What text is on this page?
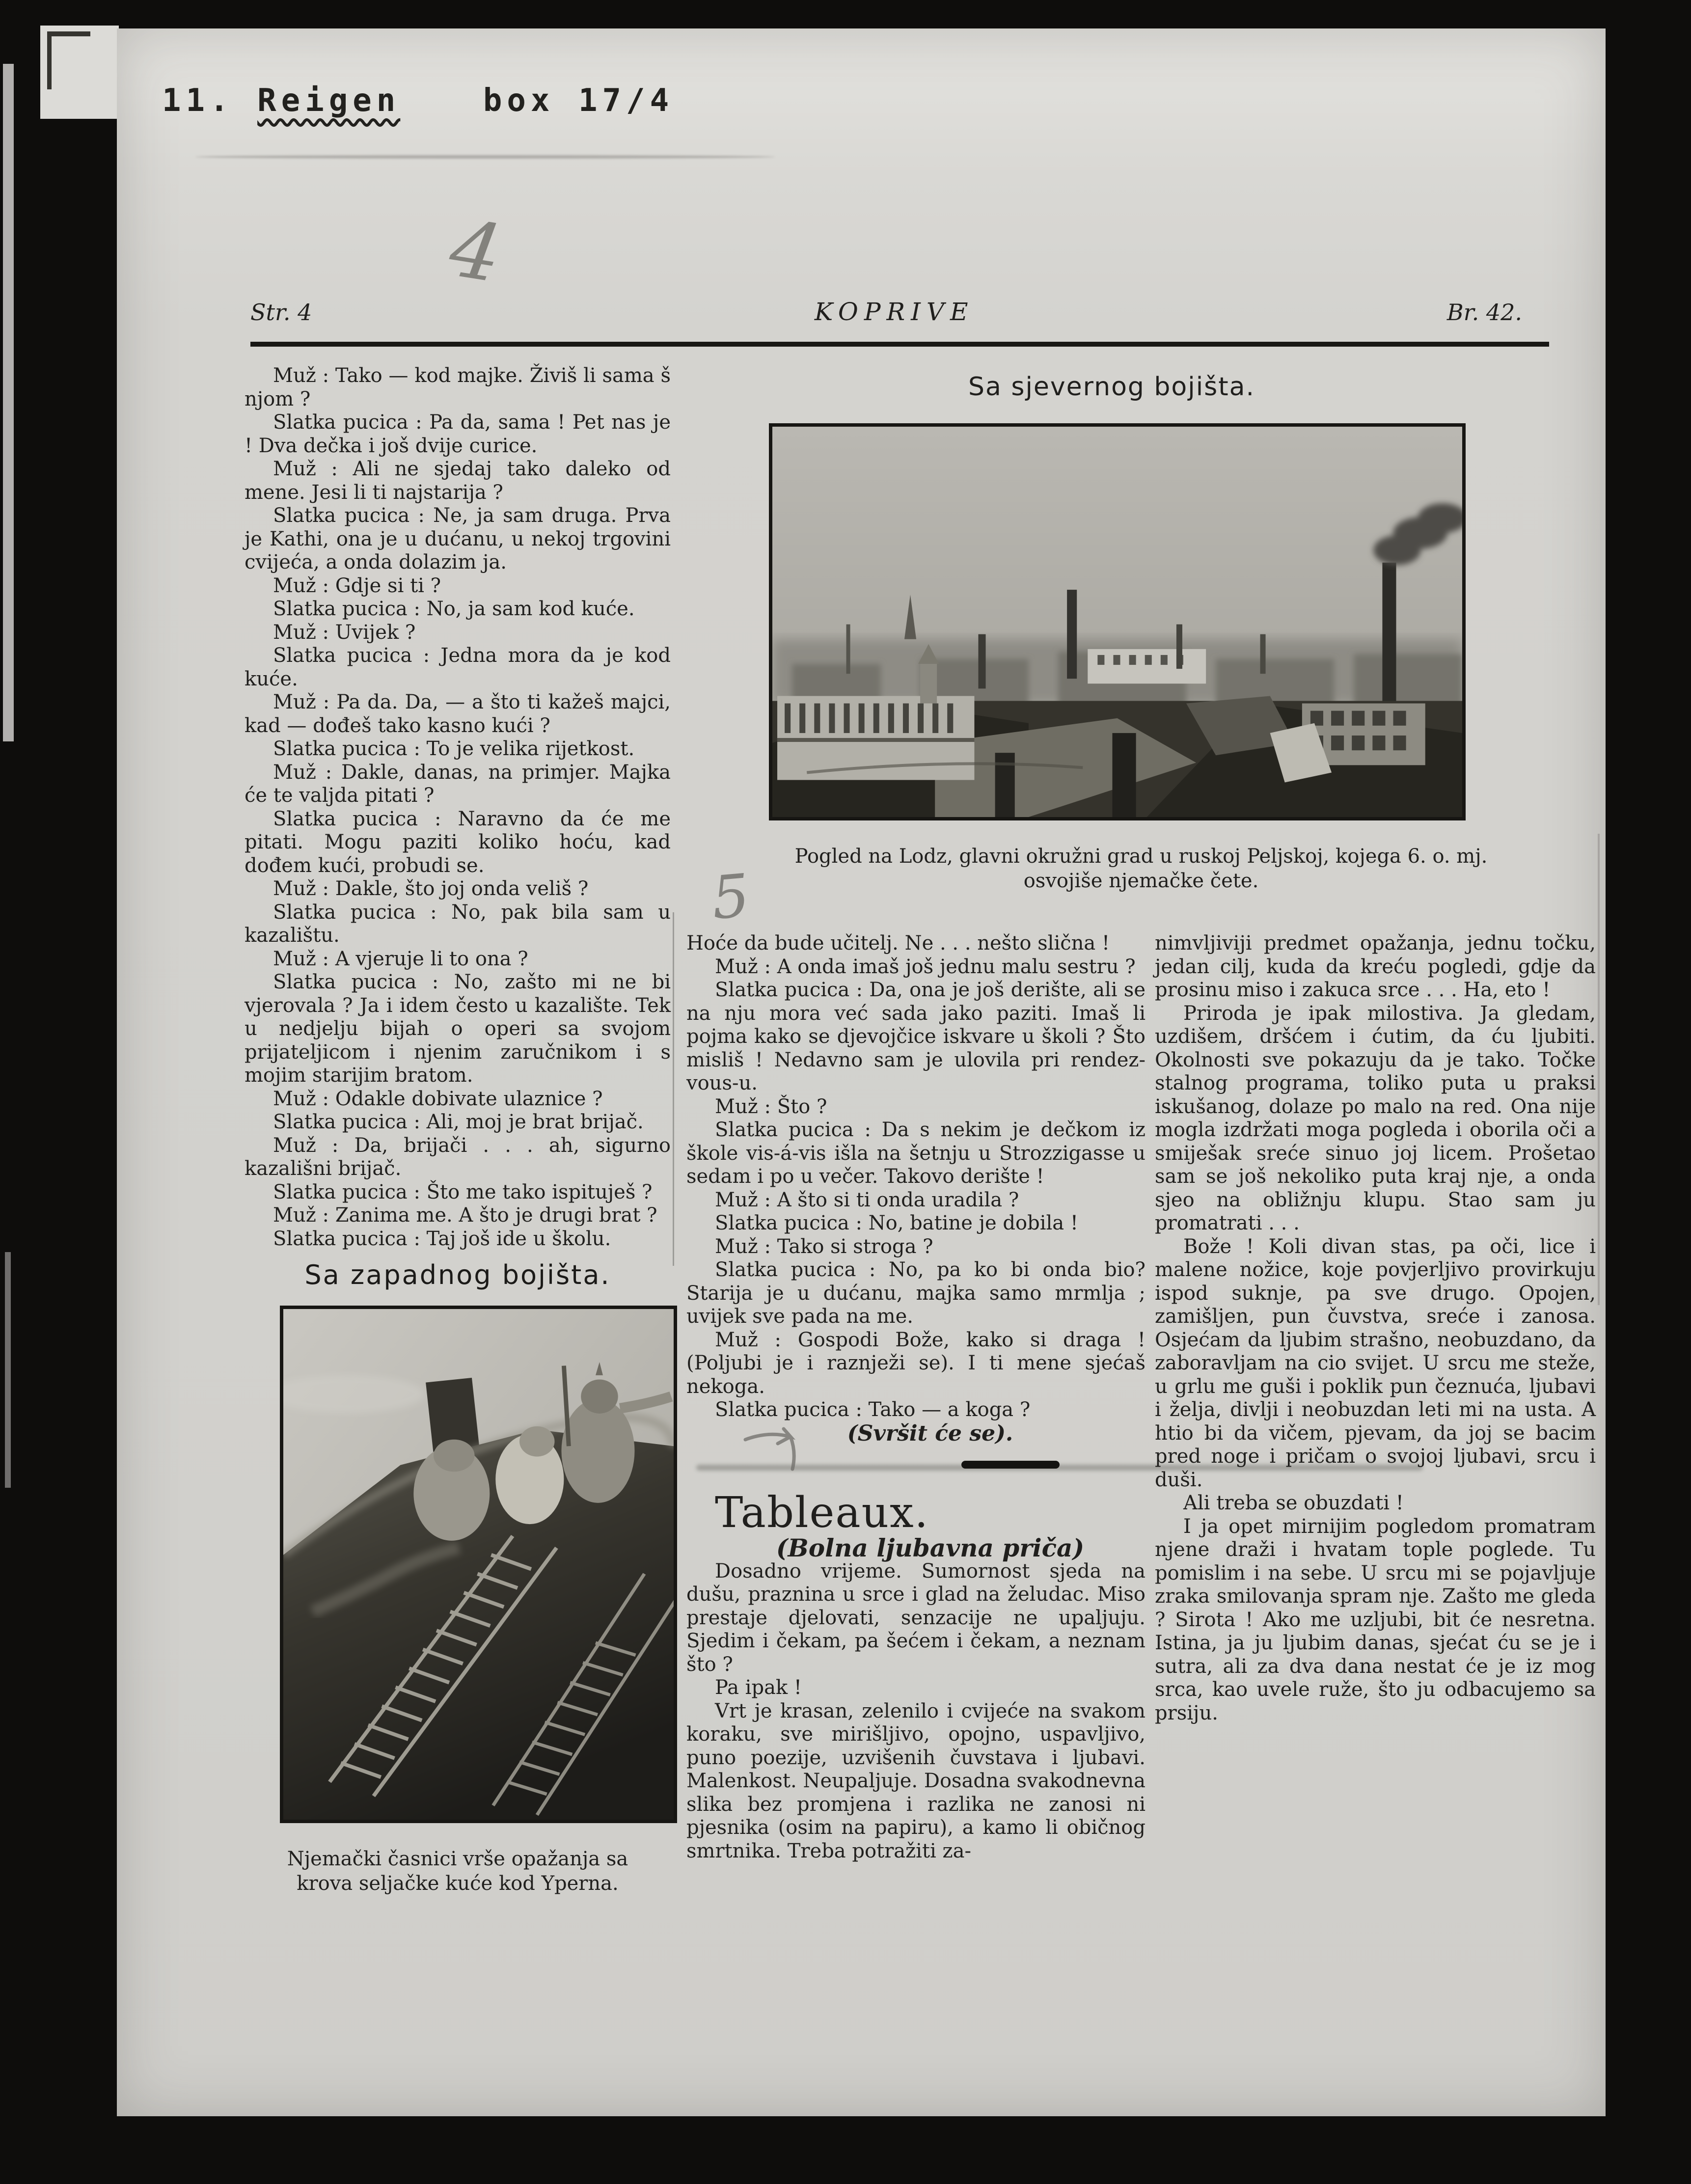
11. Reigen	box 17/4
4
5
Str. 4	KOPRIVE	Br. 42.

Muž : Tako — kod majke. Živiš li sama š njom ?

Slatka pucica : Pa da, sama ! Pet nas je ! Dva dečka i još dvije curice.

Muž : Ali ne sjedaj tako daleko od mene. Jesi li ti najstarija ?

Slatka pucica : Ne, ja sam druga. Prva je Kathi, ona je u dućanu, u nekoj trgovini cvijeća, a onda dolazim ja.

Muž : Gdje si ti ?

Slatka pucica : No, ja sam kod kuće.

Muž : Uvijek ?

Slatka pucica : Jedna mora da je kod kuće.

Muž : Pa da. Da, — a što ti kažeš majci, kad — dođeš tako kasno kući ?

Slatka pucica : To je velika rijetkost.

Muž : Dakle, danas, na primjer. Majka će te valjda pitati ?

Slatka pucica : Naravno da će me pitati. Mogu paziti koliko hoću, kad dođem kući, probudi se.

Muž : Dakle, što joj onda veliš ?

Slatka pucica : No, pak bila sam u kazalištu.

Muž : A vjeruje li to ona ?

Slatka pucica : No, zašto mi ne bi vjerovala ? Ja i idem često u kazalište. Tek u nedjelju bijah o operi sa svojom prijateljicom i njenim zaručnikom i s mojim starijim bratom.

Muž : Odakle dobivate ulaznice ?

Slatka pucica : Ali, moj je brat brijač.

Muž : Da, brijači . . . ah, sigurno kazališni brijač.

Slatka pucica : Što me tako ispituješ ?

Muž : Zanima me. A što je drugi brat ?

Slatka pucica : Taj još ide u školu.

Sa zapadnog bojišta.
Njemački časnici vrše opažanja sa
krova seljačke kuće kod Yperna.
Sa sjevernog bojišta.
Pogled na Lodz, glavni okružni grad u ruskoj Peljskoj, kojega 6. o. mj.
osvojiše njemačke čete.

Hoće da bude učitelj. Ne . . . nešto slična !

Muž : A onda imaš još jednu malu sestru ?

Slatka pucica : Da, ona je još derište, ali se na nju mora već sada jako paziti. Imaš li pojma kako se djevojčice iskvare u školi ? Što misliš ! Nedavno sam je ulovila pri rendez-vous-u.

Muž : Što ?

Slatka pucica : Da s nekim je dečkom iz škole vis-á-vis išla na šetnju u Strozzigasse u sedam i po u večer. Takovo derište !

Muž : A što si ti onda uradila ?

Slatka pucica : No, batine je dobila !

Muž : Tako si stroga ?

Slatka pucica : No, pa ko bi onda bio? Starija je u dućanu, majka samo mrmlja ; uvijek sve pada na me.

Muž : Gospodi Bože, kako si draga ! (Poljubi je i raznježi se). I ti mene sjećaš nekoga.

Slatka pucica : Tako — a koga ?

(Svršit će se).

Tableaux.

(Bolna ljubavna priča)

Dosadno vrijeme. Sumornost sjeda na dušu, praznina u srce i glad na želudac. Miso prestaje djelovati, senzacije ne upaljuju. Sjedim i čekam, pa šećem i čekam, a neznam što ?

Pa ipak !

Vrt je krasan, zelenilo i cvijeće na svakom koraku, sve mirišljivo, opojno, uspavljivo, puno poezije, uzvišenih čuvstava i ljubavi. Malenkost. Neupaljuje. Dosadna svakodnevna slika bez promjena i razlika ne zanosi ni pjesnika (osim na papiru), a kamo li običnog smrtnika. Treba potražiti za-

nimvljiviji predmet opažanja, jednu točku, jedan cilj, kuda da kreću pogledi, gdje da prosinu miso i zakuca srce . . . Ha, eto !

Priroda je ipak milostiva. Ja gledam, uzdišem, dršćem i ćutim, da ću ljubiti. Okolnosti sve pokazuju da je tako. Točke stalnog programa, toliko puta u praksi iskušanog, dolaze po malo na red. Ona nije mogla izdržati moga pogleda i oborila oči a smiješak sreće sinuo joj licem. Prošetao sam se još nekoliko puta kraj nje, a onda sjeo na obližnju klupu. Stao sam ju promatrati . . .

Bože ! Koli divan stas, pa oči, lice i malene nožice, koje povjerljivo provirkuju ispod suknje, pa sve drugo. Opojen, zamišljen, pun čuvstva, sreće i zanosa. Osjećam da ljubim strašno, neobuzdano, da zaboravljam na cio svijet. U srcu me steže, u grlu me guši i poklik pun čeznuća, ljubavi i želja, divlji i neobuzdan leti mi na usta. A htio bi da vičem, pjevam, da joj se bacim pred noge i pričam o svojoj ljubavi, srcu i duši.

Ali treba se obuzdati !

I ja opet mirnijim pogledom promatram njene draži i hvatam tople poglede. Tu pomislim i na sebe. U srcu mi se pojavljuje zraka smilovanja spram nje. Zašto me gleda ? Sirota ! Ako me uzljubi, bit će nesretna. Istina, ja ju ljubim danas, sjećat ću se je i sutra, ali za dva dana nestat će je iz mog srca, kao uvele ruže, što ju odbacujemo sa prsiju.
